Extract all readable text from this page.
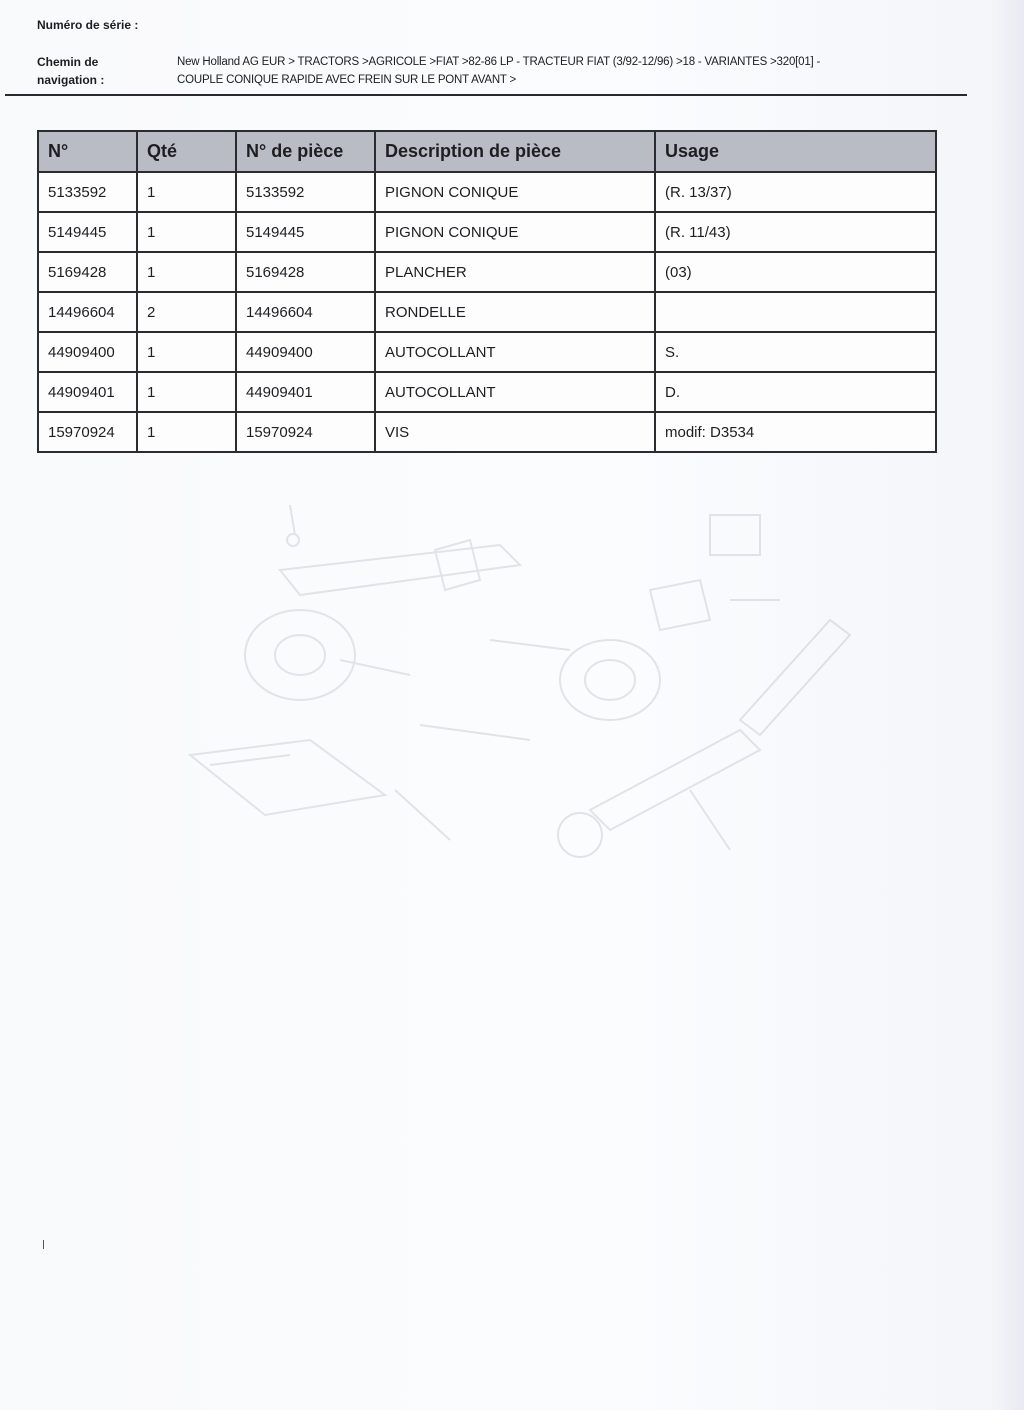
Numéro de série :
Chemin de navigation :
New Holland AG EUR > TRACTORS >AGRICOLE >FIAT >82-86 LP - TRACTEUR FIAT (3/92-12/96) >18 - VARIANTES >320[01] -
COUPLE CONIQUE RAPIDE AVEC FREIN SUR LE PONT AVANT >
N°	Qté	N° de pièce	Description de pièce	Usage
5133592	1	5133592	PIGNON CONIQUE	(R. 13/37)
5149445	1	5149445	PIGNON CONIQUE	(R. 11/43)
5169428	1	5169428	PLANCHER	(03)
14496604	2	14496604	RONDELLE	
44909400	1	44909400	AUTOCOLLANT	S.
44909401	1	44909401	AUTOCOLLANT	D.
15970924	1	15970924	VIS	modif: D3534
